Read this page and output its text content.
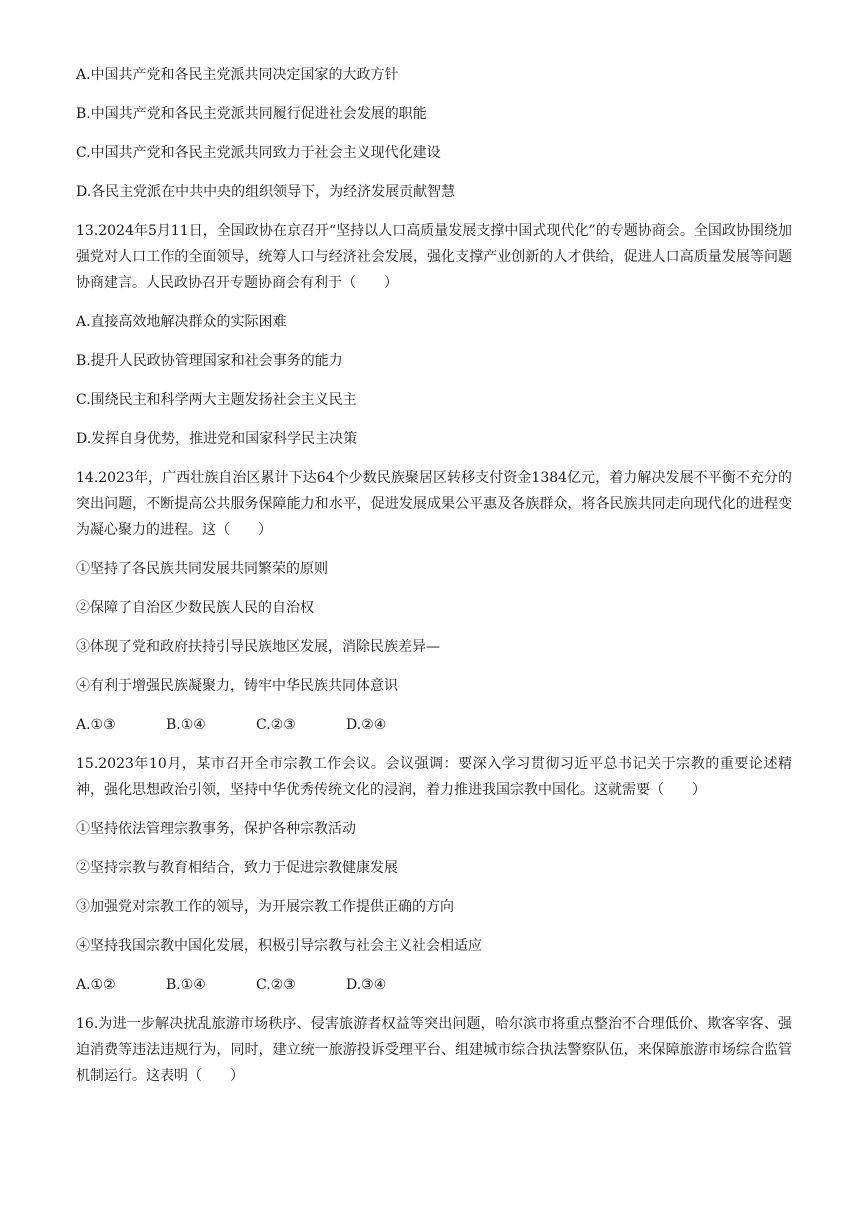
A.中国共产党和各民主党派共同决定国家的大政方针
B.中国共产党和各民主党派共同履行促进社会发展的职能
C.中国共产党和各民主党派共同致力于社会主义现代化建设
D.各民主党派在中共中央的组织领导下，为经济发展贡献智慧
13.2024年5月11日，全国政协在京召开“坚持以人口高质量发展支撑中国式现代化”的专题协商会。全国政协围绕加强党对人口工作的全面领导，统筹人口与经济社会发展，强化支撑产业创新的人才供给，促进人口高质量发展等问题协商建言。人民政协召开专题协商会有利于（　　）
A.直接高效地解决群众的实际困难
B.提升人民政协管理国家和社会事务的能力
C.围绕民主和科学两大主题发扬社会主义民主
D.发挥自身优势，推进党和国家科学民主决策
14.2023年，广西壮族自治区累计下达64个少数民族聚居区转移支付资金1384亿元，着力解决发展不平衡不充分的突出问题，不断提高公共服务保障能力和水平，促进发展成果公平惠及各族群众，将各民族共同走向现代化的进程变为凝心聚力的进程。这（　　）
①坚持了各民族共同发展共同繁荣的原则
②保障了自治区少数民族人民的自治权
③体现了党和政府扶持引导民族地区发展，消除民族差异—
④有利于增强民族凝聚力，铸牢中华民族共同体意识
A.①③	B.①④	C.②③	D.②④
15.2023年10月，某市召开全市宗教工作会议。会议强调：要深入学习贯彻习近平总书记关于宗教的重要论述精神，强化思想政治引领，坚持中华优秀传统文化的浸润，着力推进我国宗教中国化。这就需要（　　）
①坚持依法管理宗教事务，保护各种宗教活动
②坚持宗教与教育相结合，致力于促进宗教健康发展
③加强党对宗教工作的领导，为开展宗教工作提供正确的方向
④坚持我国宗教中国化发展，积极引导宗教与社会主义社会相适应
A.①②	B.①④	C.②③	D.③④
16.为进一步解决扰乱旅游市场秩序、侵害旅游者权益等突出问题，哈尔滨市将重点整治不合理低价、欺客宰客、强迫消费等违法违规行为，同时，建立统一旅游投诉受理平台、组建城市综合执法警察队伍，来保障旅游市场综合监管机制运行。这表明（　　）
